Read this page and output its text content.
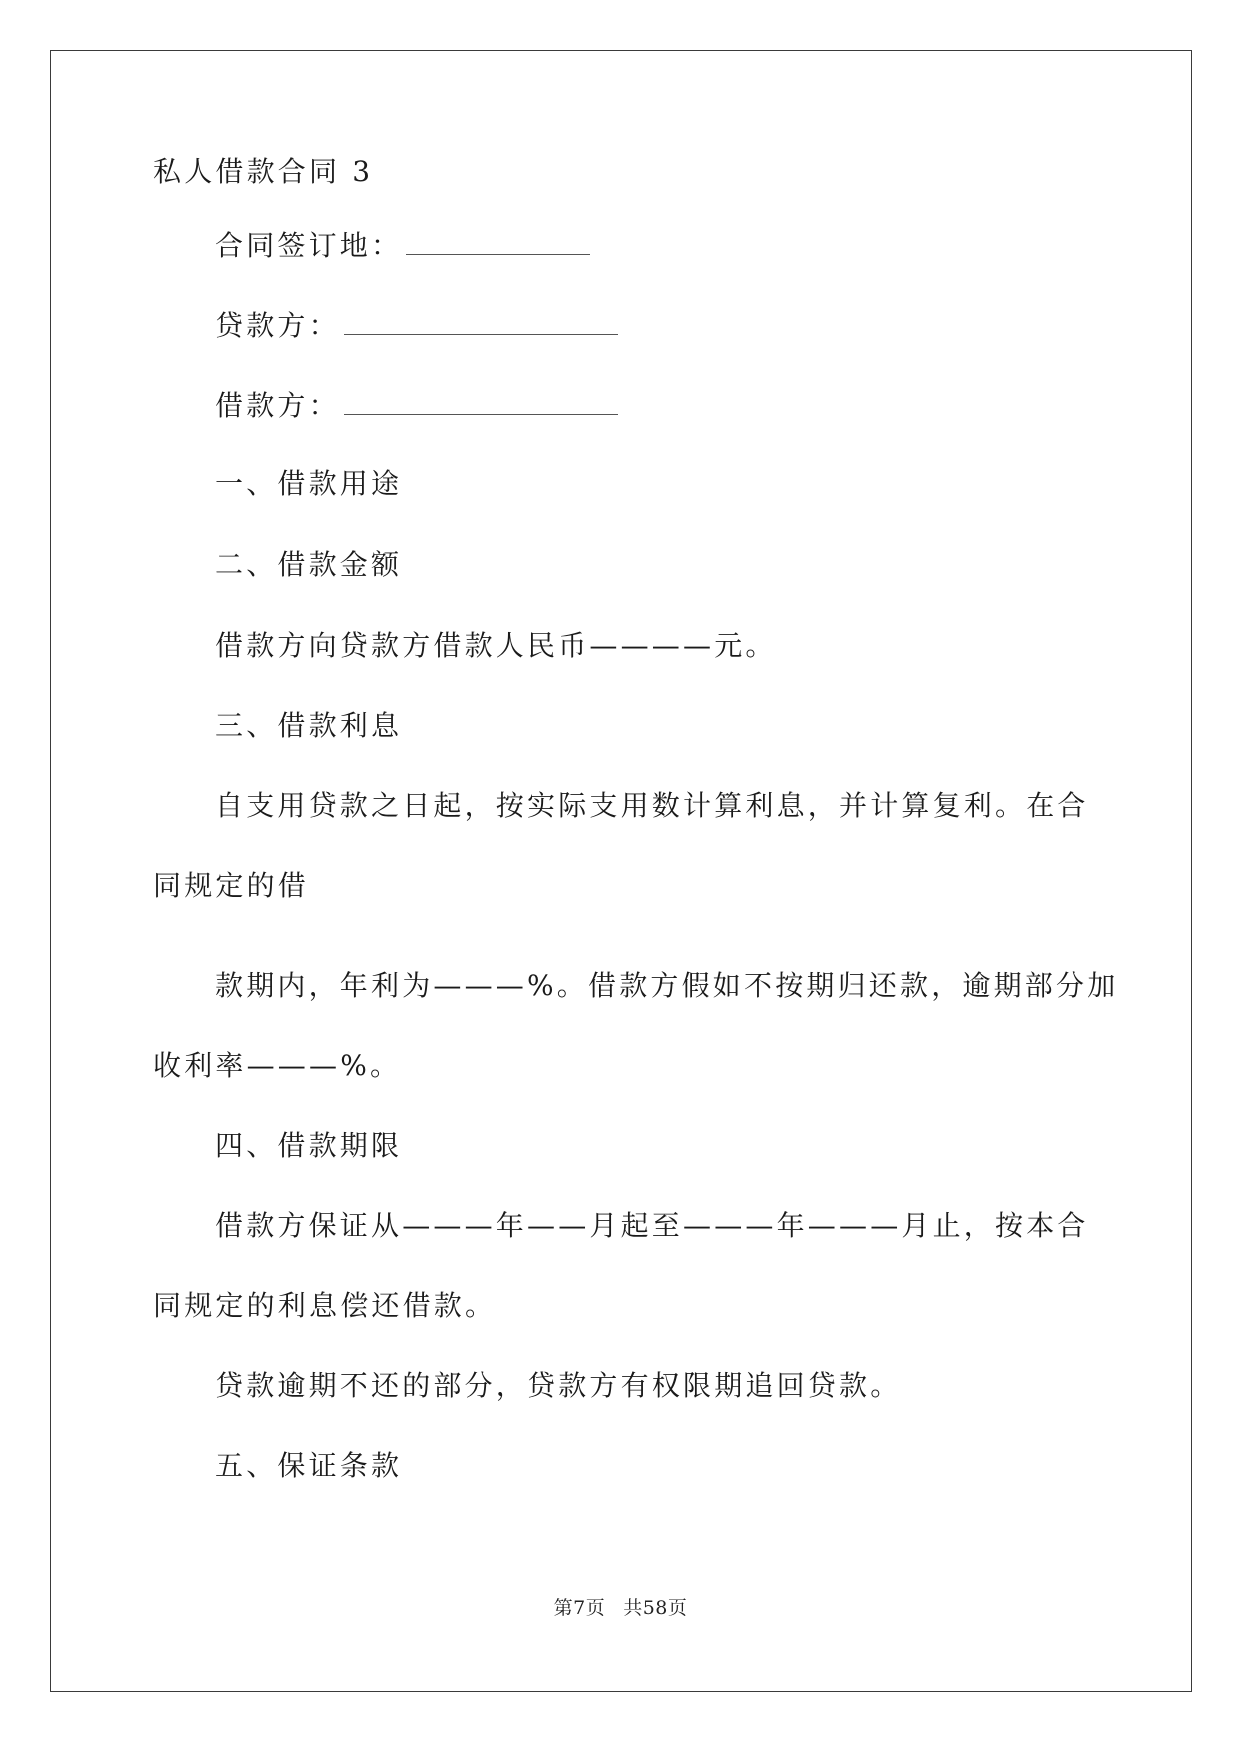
私人借款合同 3
合同签订地：
贷款方：
借款方：
一、借款用途
二、借款金额
借款方向贷款方借款人民币————元。
三、借款利息
自支用贷款之日起，按实际支用数计算利息，并计算复利。在合
同规定的借
款期内，年利为———%。借款方假如不按期归还款，逾期部分加
收利率———%。
四、借款期限
借款方保证从———年——月起至———年———月止，按本合
同规定的利息偿还借款。
贷款逾期不还的部分，贷款方有权限期追回贷款。
五、保证条款
第7页 共58页
